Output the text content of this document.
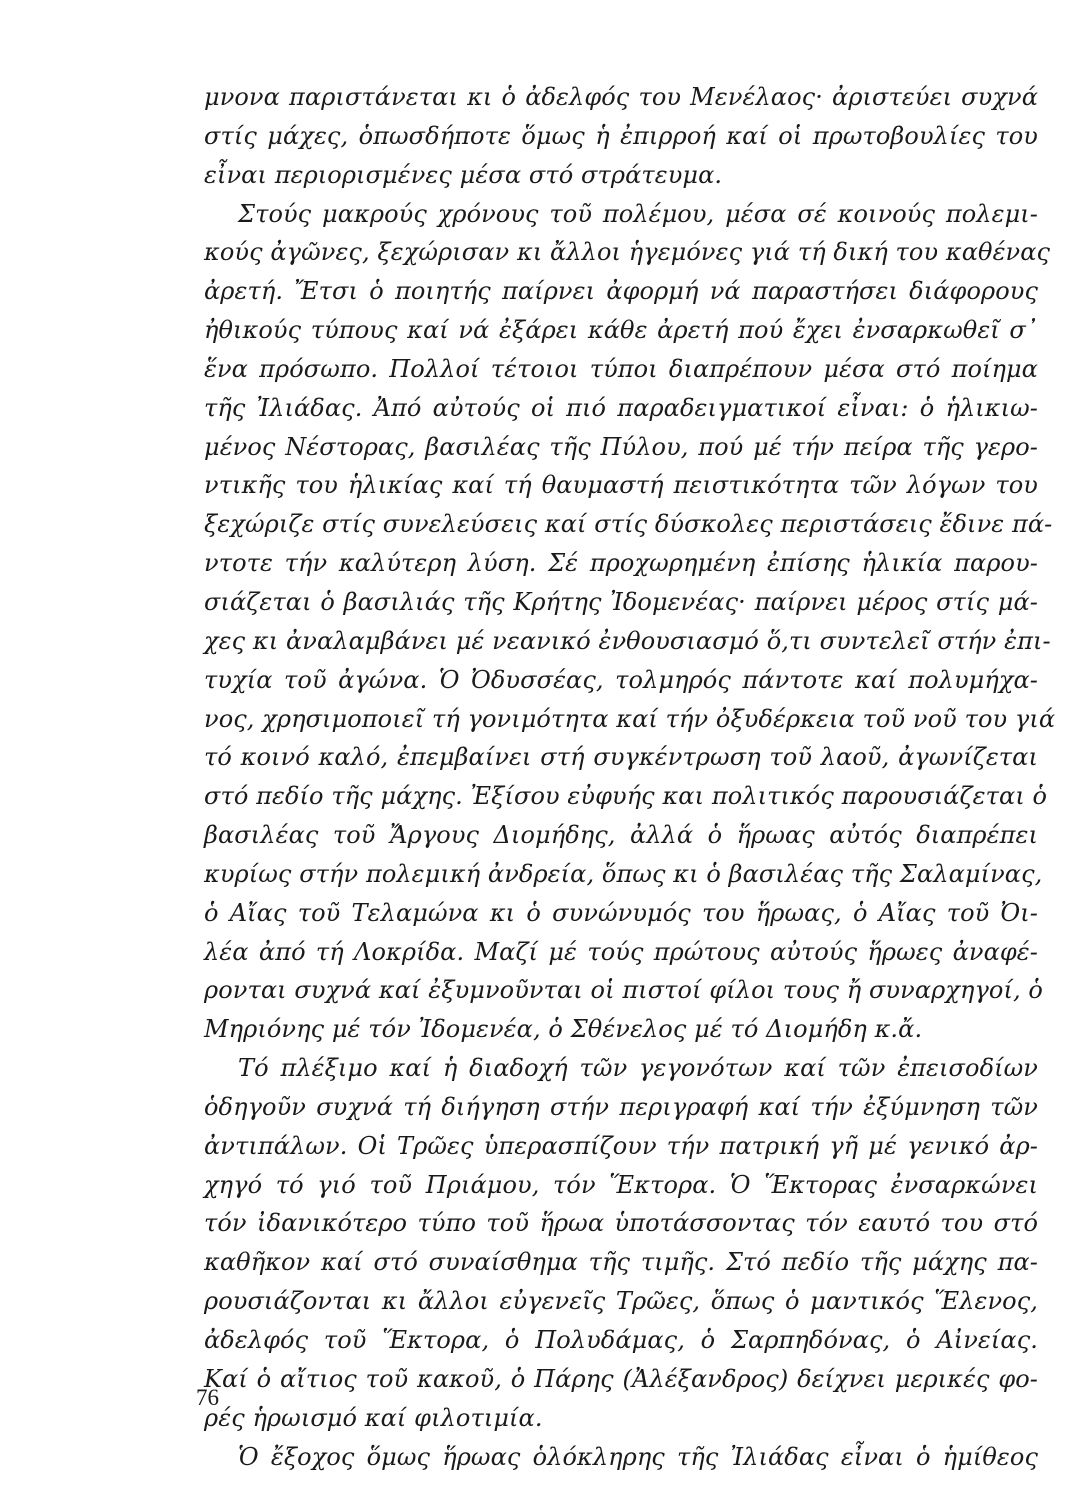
μνονα παριστάνεται κι ὁ ἀδελφός του Μενέλαος· ἀριστεύει συχνά
στίς μάχες, ὁπωσδήποτε ὅμως ἡ ἐπιρροή καί οἱ πρωτοβουλίες του
εἶναι περιορισμένες μέσα στό στράτευμα.
Στούς μακρούς χρόνους τοῦ πολέμου, μέσα σέ κοινούς πολεμι-
κούς ἀγῶνες, ξεχώρισαν κι ἄλλοι ἡγεμόνες γιά τή δική του καθένας
ἀρετή. Ἔτσι ὁ ποιητής παίρνει ἀφορμή νά παραστήσει διάφορους
ἠθικούς τύπους καί νά ἐξάρει κάθε ἀρετή πού ἔχει ἐνσαρκωθεῖ σ᾽
ἕνα πρόσωπο. Πολλοί τέτοιοι τύποι διαπρέπουν μέσα στό ποίημα
τῆς Ἰλιάδας. Ἀπό αὐτούς οἱ πιό παραδειγματικοί εἶναι: ὁ ἡλικιω-
μένος Νέστορας, βασιλέας τῆς Πύλου, πού μέ τήν πείρα τῆς γερο-
ντικῆς του ἡλικίας καί τή θαυμαστή πειστικότητα τῶν λόγων του
ξεχώριζε στίς συνελεύσεις καί στίς δύσκολες περιστάσεις ἔδινε πά-
ντοτε τήν καλύτερη λύση. Σέ προχωρημένη ἐπίσης ἡλικία παρου-
σιάζεται ὁ βασιλιάς τῆς Κρήτης Ἰδομενέας· παίρνει μέρος στίς μά-
χες κι ἀναλαμβάνει μέ νεανικό ἐνθουσιασμό ὅ,τι συντελεῖ στήν ἐπι-
τυχία τοῦ ἀγώνα. Ὁ Ὀδυσσέας, τολμηρός πάντοτε καί πολυμήχα-
νος, χρησιμοποιεῖ τή γονιμότητα καί τήν ὀξυδέρκεια τοῦ νοῦ του γιά
τό κοινό καλό, ἐπεμβαίνει στή συγκέντρωση τοῦ λαοῦ, ἀγωνίζεται
στό πεδίο τῆς μάχης. Ἐξίσου εὐφυής και πολιτικός παρουσιάζεται ὁ
βασιλέας τοῦ Ἄργους Διομήδης, ἀλλά ὁ ἥρωας αὐτός διαπρέπει
κυρίως στήν πολεμική ἀνδρεία, ὅπως κι ὁ βασιλέας τῆς Σαλαμίνας,
ὁ Αἴας τοῦ Τελαμώνα κι ὁ συνώνυμός του ἥρωας, ὁ Αἴας τοῦ Ὀι-
λέα ἀπό τή Λοκρίδα. Μαζί μέ τούς πρώτους αὐτούς ἥρωες ἀναφέ-
ρονται συχνά καί ἐξυμνοῦνται οἱ πιστοί φίλοι τους ἤ συναρχηγοί, ὁ
Μηριόνης μέ τόν Ἰδομενέα, ὁ Σθένελος μέ τό Διομήδη κ.ἄ.
Τό πλέξιμο καί ἡ διαδοχή τῶν γεγονότων καί τῶν ἐπεισοδίων
ὁδηγοῦν συχνά τή διήγηση στήν περιγραφή καί τήν ἐξύμνηση τῶν
ἀντιπάλων. Οἱ Τρῶες ὑπερασπίζουν τήν πατρική γῆ μέ γενικό ἀρ-
χηγό τό γιό τοῦ Πριάμου, τόν Ἕκτορα. Ὁ Ἕκτορας ἐνσαρκώνει
τόν ἰδανικότερο τύπο τοῦ ἥρωα ὑποτάσσοντας τόν εαυτό του στό
καθῆκον καί στό συναίσθημα τῆς τιμῆς. Στό πεδίο τῆς μάχης πα-
ρουσιάζονται κι ἄλλοι εὐγενεῖς Τρῶες, ὅπως ὁ μαντικός Ἕλενος,
ἀδελφός τοῦ Ἕκτορα, ὁ Πολυδάμας, ὁ Σαρπηδόνας, ὁ Αἰνείας.
Καί ὁ αἴτιος τοῦ κακοῦ, ὁ Πάρης (Ἀλέξανδρος) δείχνει μερικές φο-
ρές ἡρωισμό καί φιλοτιμία.
Ὁ ἔξοχος ὅμως ἥρωας ὁλόκληρης τῆς Ἰλιάδας εἶναι ὁ ἡμίθεος
76
